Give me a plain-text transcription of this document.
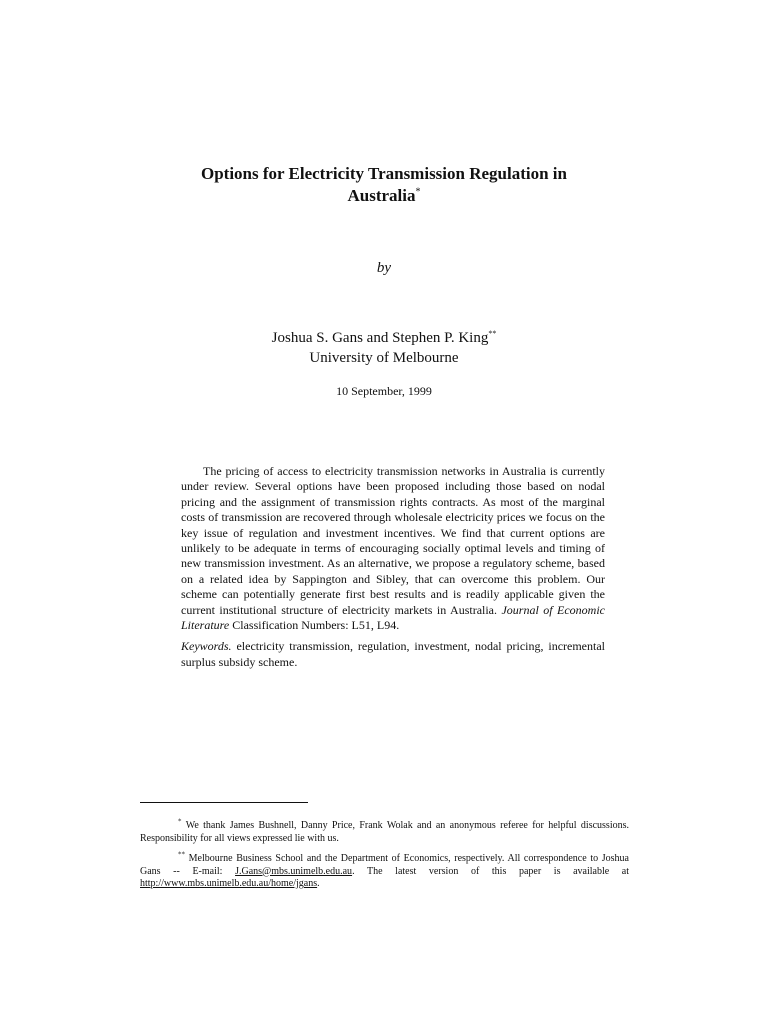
Options for Electricity Transmission Regulation in
Australia*
by
Joshua S. Gans and Stephen P. King**
University of Melbourne
10 September, 1999

The pricing of access to electricity transmission networks in Australia is currently under review. Several options have been proposed including those based on nodal pricing and the assignment of transmission rights contracts. As most of the marginal costs of transmission are recovered through wholesale electricity prices we focus on the key issue of regulation and investment incentives. We find that current options are unlikely to be adequate in terms of encouraging socially optimal levels and timing of new transmission investment. As an alternative, we propose a regulatory scheme, based on a related idea by Sappington and Sibley, that can overcome this problem. Our scheme can potentially generate first best results and is readily applicable given the current institutional structure of electricity markets in Australia. Journal of Economic Literature Classification Numbers: L51, L94.

Keywords. electricity transmission, regulation, investment, nodal pricing, incremental surplus subsidy scheme.

* We thank James Bushnell, Danny Price, Frank Wolak and an anonymous referee for helpful discussions. Responsibility for all views expressed lie with us.

** Melbourne Business School and the Department of Economics, respectively. All correspondence to Joshua Gans -- E-mail: J.Gans@mbs.unimelb.edu.au. The latest version of this paper is available at http://www.mbs.unimelb.edu.au/home/jgans.
